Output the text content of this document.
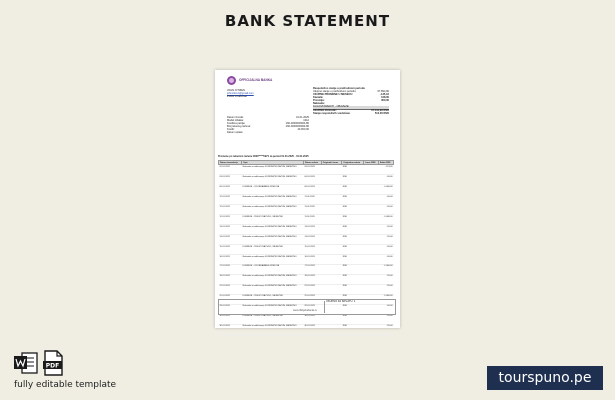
BANK STATEMENT
OFFICIJALNA BANKA
JOHN CITIZEN
johncitizen@gmail.com
21000 Vrsačenac
Datum izvoda:	31.01.2025
Model izdatka:	1312
Kreditna partija:	160-0000000000-86
Broj tekućeg računa:	160-0000000000-86
Kredit:	40.000,00
Datum uplate:
Raspoloživo stanje u prethodnom periodu
Ukupno stanje u prethodnom periodu:	67.894,90
UKUPNE PROMENE U MESECU:	-135,16
Kamata:	128,00
Provizija:	350,00
Naknada:
DUGOVI/KREDITI - OBAVEZE:
UKUPNO DUGUJE:	67.441,90 RSD
Stanje raspoloživih sredstava:	512,00 RSD
Promene po tekućem računu 0000*****0971 za period 01.01.2025 - 31.01.2025
Datum transakcije	Opis	Datum valute	Originalni iznos	Originalna valuta	Iznos RSD	Saldo RSD
02.01.2025	Naknada za održavanje KORISNIČKI RAČUN, MESEČNO	03.01.2025		RSD		-274,00
03.01.2025	Naknada za održavanje KORISNIČKI RAČUN, MESEČNO	06.01.2025		RSD		-90,00
06.01.2025	KOMISIJE - ODOBRAVANJE KREDITA	06.01.2025		RSD		-1.080,00
12.01.2025	Naknada za održavanje KORISNIČKI RAČUN, MESEČNO	11.01.2025		RSD		-90,00
12.01.2025	Naknada za održavanje KORISNIČKI RAČUN, MESEČNO	11.01.2025		RSD		-95,00
12.01.2025	KOMISIJE - TEKUĆI RAČUN 1, MESEČNO	11.01.2025		RSD		-1.080,00
13.01.2025	Naknada za održavanje KORISNIČKI RAČUN, MESEČNO	13.01.2025		RSD		-95,00
14.01.2025	Naknada za održavanje KORISNIČKI RAČUN, MESEČNO	14.01.2025		RSD		-95,00
15.01.2025	KOMISIJE - TEKUĆI RAČUN 1, MESEČNO	15.01.2025		RSD		-90,00
16.01.2025	Naknada za održavanje KORISNIČKI RAČUN, MESEČNO	16.01.2025		RSD		-90,00
17.01.2025	KOMISIJE - ODOBRAVANJE KREDITA	17.01.2025		RSD		-1.080,00
18.01.2025	Naknada za održavanje KORISNIČKI RAČUN, MESEČNO	18.01.2025		RSD		-95,00
22.01.2025	Naknada za održavanje KORISNIČKI RAČUN, MESEČNO	22.01.2025		RSD		-95,00
25.01.2025	KOMISIJE - TEKUĆI RAČUN 1, MESEČNO	25.01.2025		RSD		-1.080,00
28.01.2025	Naknada za održavanje KORISNIČKI RAČUN, MESEČNO	28.01.2025		RSD		-90,00
30.01.2025	KOMISIJE - TEKUĆI RAČUN 1, MESEČNO	30.01.2025		RSD		-95,00
30.01.2025	Naknada za održavanje KORISNIČKI RAČUN, MESEČNO	30.01.2025		RSD		-95,00
UKUPNO ZA ISPLATU: 1
www.officijalnabanka.rs
PDF
fully editable template	tourspuno.pe
